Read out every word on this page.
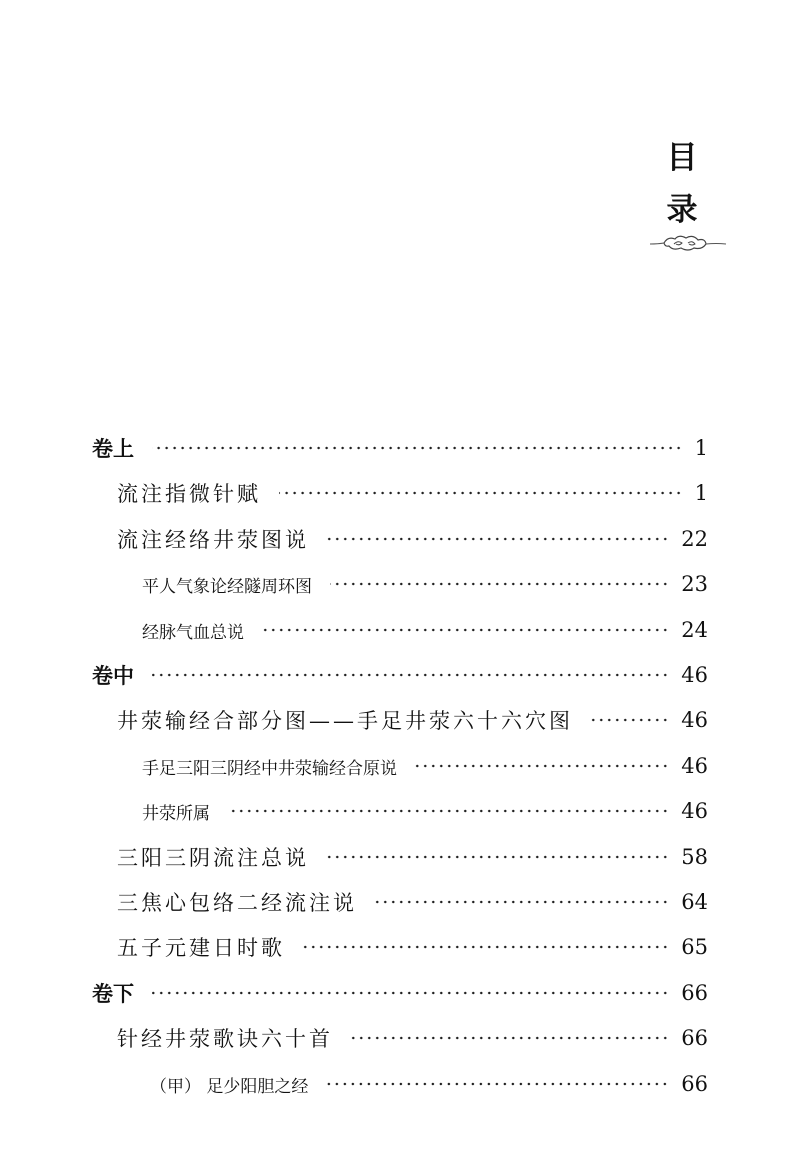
目
录
卷上	1
流注指微针赋	1
流注经络井荥图说	22
平人气象论经隧周环图	23
经脉气血总说	24
卷中	46
井荥输经合部分图——手足井荥六十六穴图	46
手足三阳三阴经中井荥输经合原说	46
井荥所属	46
三阳三阴流注总说	58
三焦心包络二经流注说	64
五子元建日时歌	65
卷下	66
针经井荥歌诀六十首	66
（甲） 足少阳胆之经	66
